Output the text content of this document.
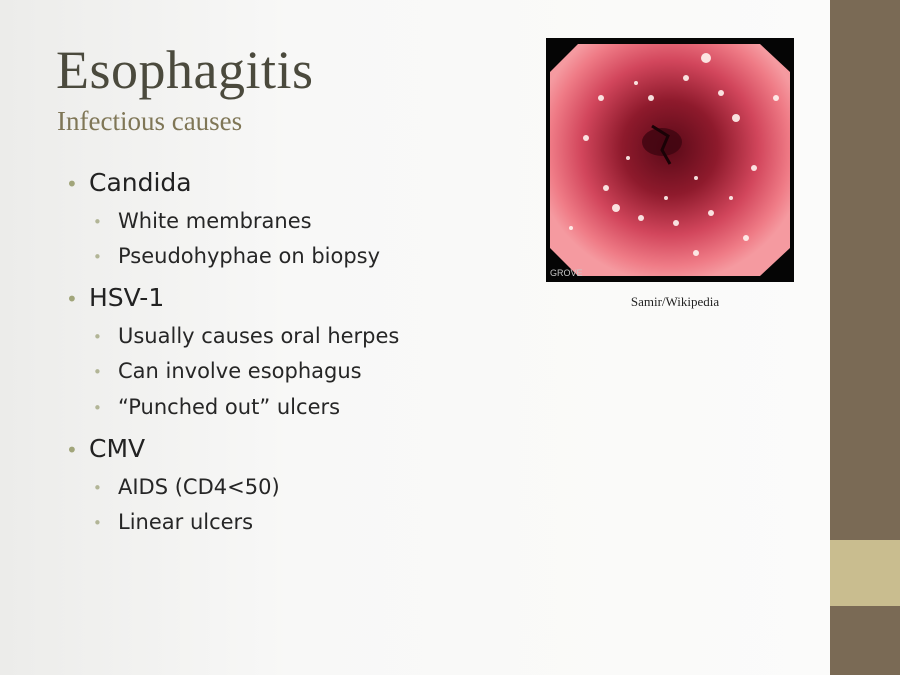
Esophagitis
Infectious causes
• Candida
• White membranes
• Pseudohyphae on biopsy
• HSV-1
• Usually causes oral herpes
• Can involve esophagus
• “Punched out” ulcers
• CMV
• AIDS (CD4<50)
• Linear ulcers
GROVE
Samir/Wikipedia
